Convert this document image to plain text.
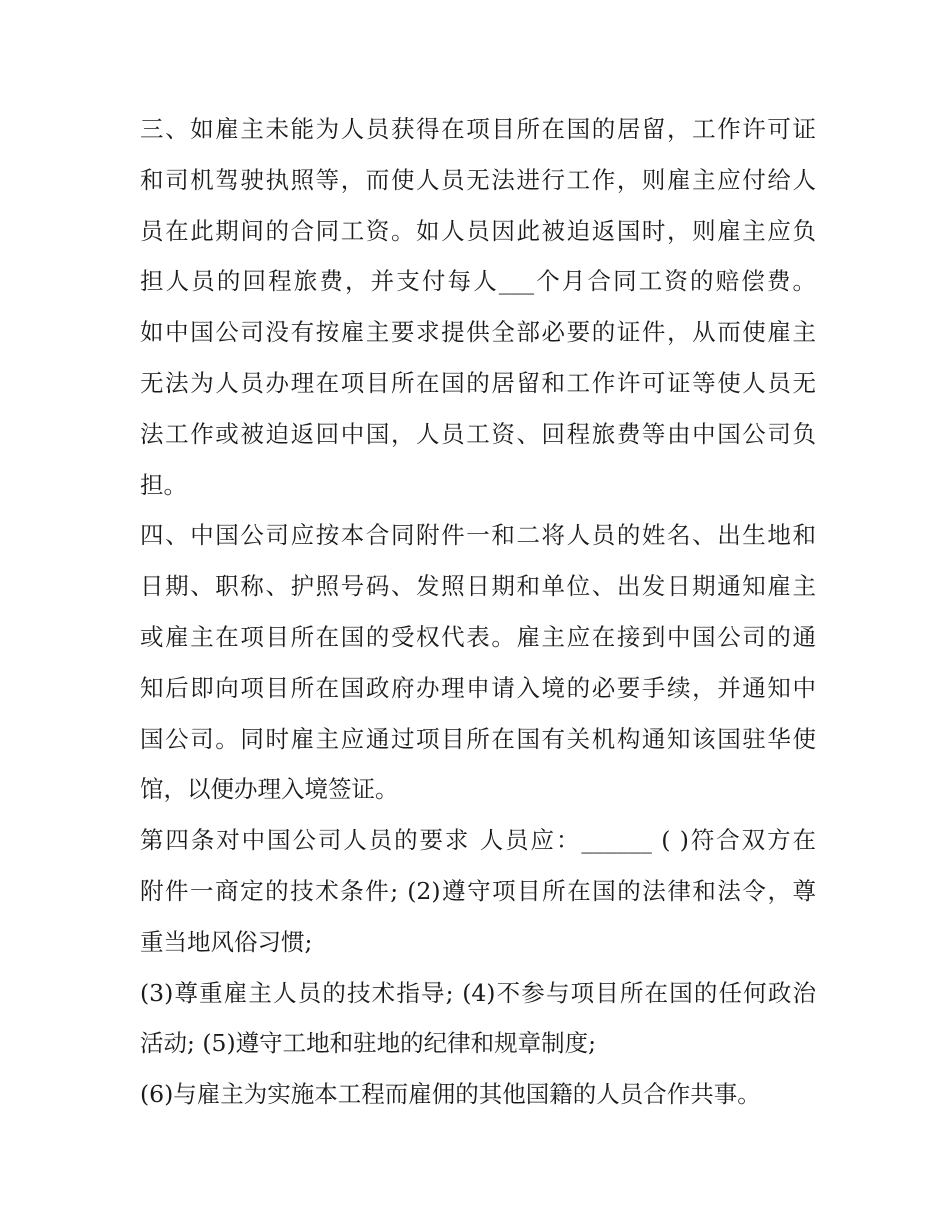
三、如雇主未能为人员获得在项目所在国的居留，工作许可证
和司机驾驶执照等，而使人员无法进行工作，则雇主应付给人
员在此期间的合同工资。如人员因此被迫返国时，则雇主应负
担人员的回程旅费，并支付每人___个月合同工资的赔偿费。
如中国公司没有按雇主要求提供全部必要的证件，从而使雇主
无法为人员办理在项目所在国的居留和工作许可证等使人员无
法工作或被迫返回中国，人员工资、回程旅费等由中国公司负
担。
四、中国公司应按本合同附件一和二将人员的姓名、出生地和
日期、职称、护照号码、发照日期和单位、出发日期通知雇主
或雇主在项目所在国的受权代表。雇主应在接到中国公司的通
知后即向项目所在国政府办理申请入境的必要手续，并通知中
国公司。同时雇主应通过项目所在国有关机构通知该国驻华使
馆，以便办理入境签证。
第四条对中国公司人员的要求 人员应：______ ( )符合双方在
附件一商定的技术条件; (2)遵守项目所在国的法律和法令，尊
重当地风俗习惯;
(3)尊重雇主人员的技术指导; (4)不参与项目所在国的任何政治
活动; (5)遵守工地和驻地的纪律和规章制度;
(6)与雇主为实施本工程而雇佣的其他国籍的人员合作共事。
